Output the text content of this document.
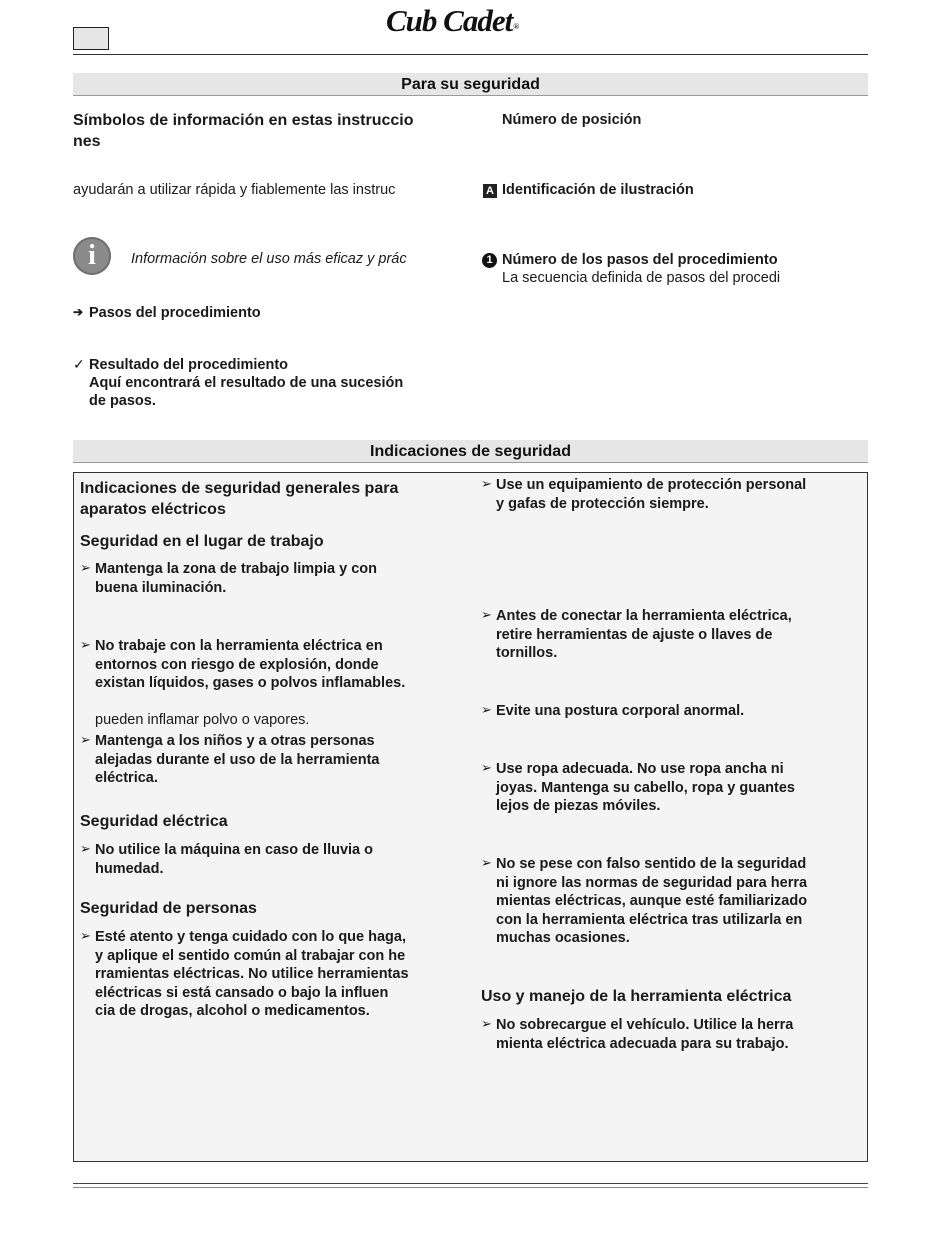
Cub Cadet®
Para su seguridad
Símbolos de información en estas instruccio
nes
ayudarán a utilizar rápida y fiablemente las instruc
i	Información sobre el uso más eficaz y prác
➔ Pasos del procedimiento
✓ Resultado del procedimiento
Aquí encontrará el resultado de una sucesión
de pasos.
Número de posición
A Identificación de ilustración
1 Número de los pasos del procedimiento
La secuencia definida de pasos del procedi
Indicaciones de seguridad
Indicaciones de seguridad generales para
aparatos eléctricos
Seguridad en el lugar de trabajo
➢ Mantenga la zona de trabajo limpia y con
buena iluminación.
➢ No trabaje con la herramienta eléctrica en
entornos con riesgo de explosión, donde
existan líquidos, gases o polvos inflamables.
pueden inflamar polvo o vapores.
➢ Mantenga a los niños y a otras personas
alejadas durante el uso de la herramienta
eléctrica.
Seguridad eléctrica
➢ No utilice la máquina en caso de lluvia o
humedad.
Seguridad de personas
➢ Esté atento y tenga cuidado con lo que haga,
y aplique el sentido común al trabajar con he
rramientas eléctricas. No utilice herramientas
eléctricas si está cansado o bajo la influen
cia de drogas, alcohol o medicamentos.
➢ Use un equipamiento de protección personal
y gafas de protección siempre.
➢ Antes de conectar la herramienta eléctrica,
retire herramientas de ajuste o llaves de
tornillos.
➢ Evite una postura corporal anormal.
➢ Use ropa adecuada. No use ropa ancha ni
joyas. Mantenga su cabello, ropa y guantes
lejos de piezas móviles.
➢ No se pese con falso sentido de la seguridad
ni ignore las normas de seguridad para herra
mientas eléctricas, aunque esté familiarizado
con la herramienta eléctrica tras utilizarla en
muchas ocasiones.
Uso y manejo de la herramienta eléctrica
➢ No sobrecargue el vehículo. Utilice la herra
mienta eléctrica adecuada para su trabajo.
